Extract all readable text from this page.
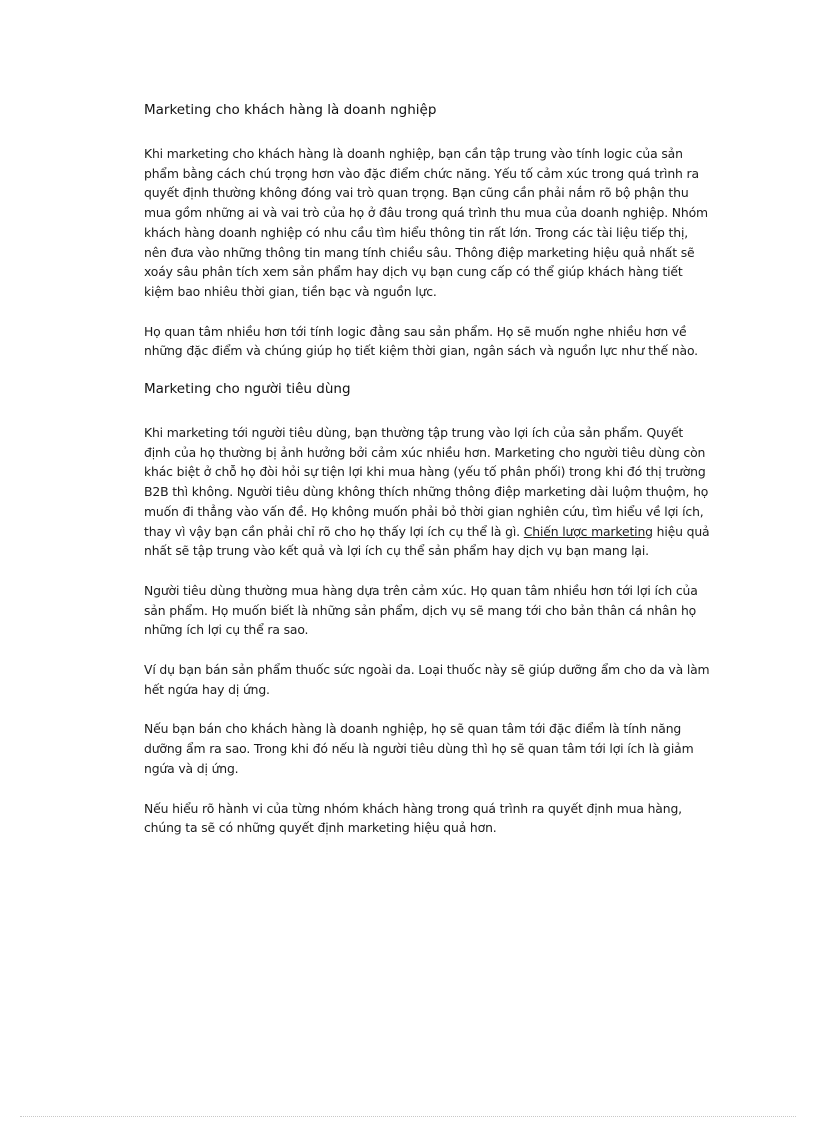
Marketing cho khách hàng là doanh nghiệp

Khi marketing cho khách hàng là doanh nghiệp, bạn cần tập trung vào tính logic của sản phẩm bằng cách chú trọng hơn vào đặc điểm chức năng. Yếu tố cảm xúc trong quá trình ra quyết định thường không đóng vai trò quan trọng. Bạn cũng cần phải nắm rõ bộ phận thu mua gồm những ai và vai trò của họ ở đâu trong quá trình thu mua của doanh nghiệp. Nhóm khách hàng doanh nghiệp có nhu cầu tìm hiểu thông tin rất lớn. Trong các tài liệu tiếp thị, nên đưa vào những thông tin mang tính chiều sâu. Thông điệp marketing hiệu quả nhất sẽ xoáy sâu phân tích xem sản phẩm hay dịch vụ bạn cung cấp có thể giúp khách hàng tiết kiệm bao nhiêu thời gian, tiền bạc và nguồn lực.

Họ quan tâm nhiều hơn tới tính logic đằng sau sản phẩm. Họ sẽ muốn nghe nhiều hơn về những đặc điểm và chúng giúp họ tiết kiệm thời gian, ngân sách và nguồn lực như thế nào.

Marketing cho người tiêu dùng

Khi marketing tới người tiêu dùng, bạn thường tập trung vào lợi ích của sản phẩm. Quyết định của họ thường bị ảnh hưởng bởi cảm xúc nhiều hơn. Marketing cho người tiêu dùng còn khác biệt ở chỗ họ đòi hỏi sự tiện lợi khi mua hàng (yếu tố phân phối) trong khi đó thị trường B2B thì không. Người tiêu dùng không thích những thông điệp marketing dài luộm thuộm, họ muốn đi thẳng vào vấn đề. Họ không muốn phải bỏ thời gian nghiên cứu, tìm hiểu về lợi ích, thay vì vậy bạn cần phải chỉ rõ cho họ thấy lợi ích cụ thể là gì. Chiến lược marketing hiệu quả nhất sẽ tập trung vào kết quả và lợi ích cụ thể sản phẩm hay dịch vụ bạn mang lại.

Người tiêu dùng thường mua hàng dựa trên cảm xúc. Họ quan tâm nhiều hơn tới lợi ích của sản phẩm. Họ muốn biết là những sản phẩm, dịch vụ sẽ mang tới cho bản thân cá nhân họ những ích lợi cụ thể ra sao.

Ví dụ bạn bán sản phẩm thuốc sức ngoài da. Loại thuốc này sẽ giúp dưỡng ẩm cho da và làm hết ngứa hay dị ứng.

Nếu bạn bán cho khách hàng là doanh nghiệp, họ sẽ quan tâm tới đặc điểm là tính năng dưỡng ẩm ra sao. Trong khi đó nếu là người tiêu dùng thì họ sẽ quan tâm tới lợi ích là giảm ngứa và dị ứng.

Nếu hiểu rõ hành vi của từng nhóm khách hàng trong quá trình ra quyết định mua hàng, chúng ta sẽ có những quyết định marketing hiệu quả hơn.
